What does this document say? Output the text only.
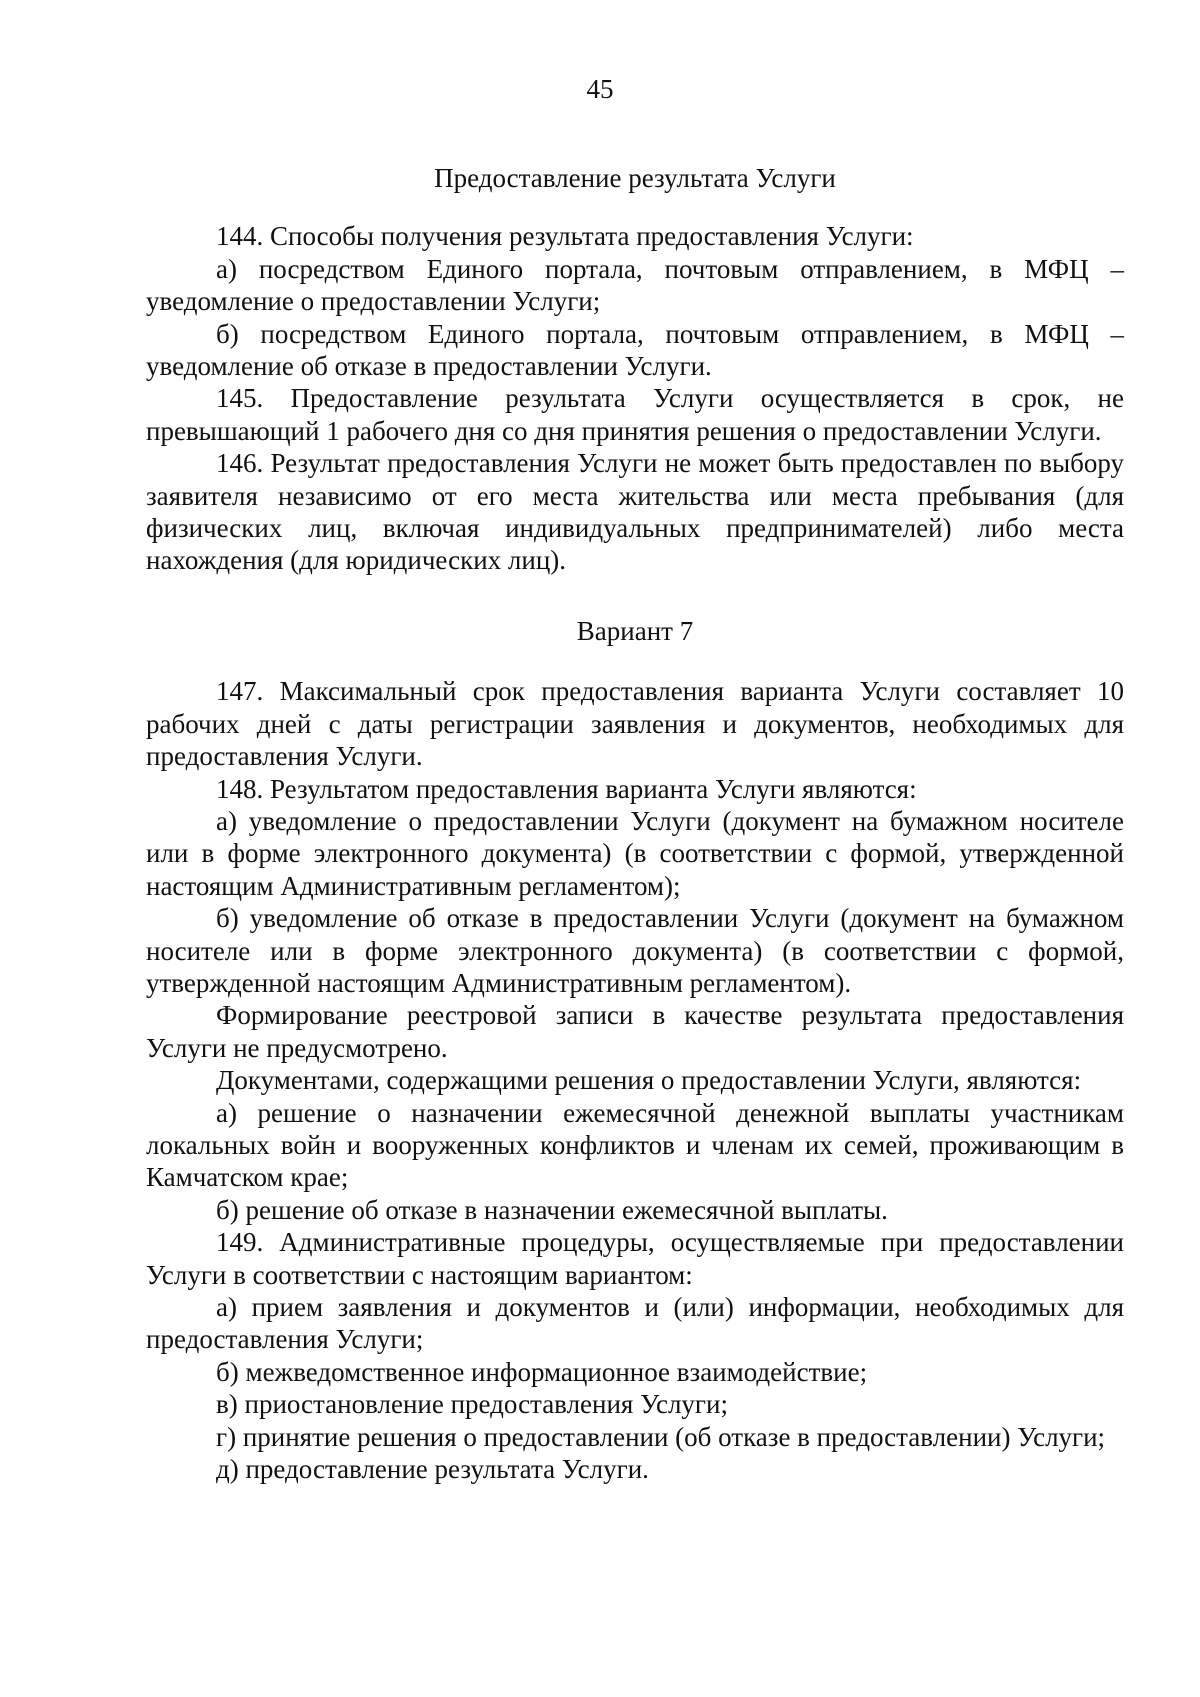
45

Предоставление результата Услуги

144. Способы получения результата предоставления Услуги:

а) посредством Единого портала, почтовым отправлением, в МФЦ – уведомление о предоставлении Услуги;

б) посредством Единого портала, почтовым отправлением, в МФЦ – уведомление об отказе в предоставлении Услуги.

145. Предоставление результата Услуги осуществляется в срок, не превышающий 1 рабочего дня со дня принятия решения о предоставлении Услуги.

146. Результат предоставления Услуги не может быть предоставлен по выбору заявителя независимо от его места жительства или места пребывания (для физических лиц, включая индивидуальных предпринимателей) либо места нахождения (для юридических лиц).

Вариант 7

147. Максимальный срок предоставления варианта Услуги составляет 10 рабочих дней с даты регистрации заявления и документов, необходимых для предоставления Услуги.

148. Результатом предоставления варианта Услуги являются:

а) уведомление о предоставлении Услуги (документ на бумажном носителе или в форме электронного документа) (в соответствии с формой, утвержденной настоящим Административным регламентом);

б) уведомление об отказе в предоставлении Услуги (документ на бумажном носителе или в форме электронного документа) (в соответствии с формой, утвержденной настоящим Административным регламентом).

Формирование реестровой записи в качестве результата предоставления Услуги не предусмотрено.

Документами, содержащими решения о предоставлении Услуги, являются:

а) решение о назначении ежемесячной денежной выплаты участникам локальных войн и вооруженных конфликтов и членам их семей, проживающим в Камчатском крае;

б) решение об отказе в назначении ежемесячной выплаты.

149. Административные процедуры, осуществляемые при предоставлении Услуги в соответствии с настоящим вариантом:

а) прием заявления и документов и (или) информации, необходимых для предоставления Услуги;

б) межведомственное информационное взаимодействие;

в) приостановление предоставления Услуги;

г) принятие решения о предоставлении (об отказе в предоставлении) Услуги;

д) предоставление результата Услуги.
